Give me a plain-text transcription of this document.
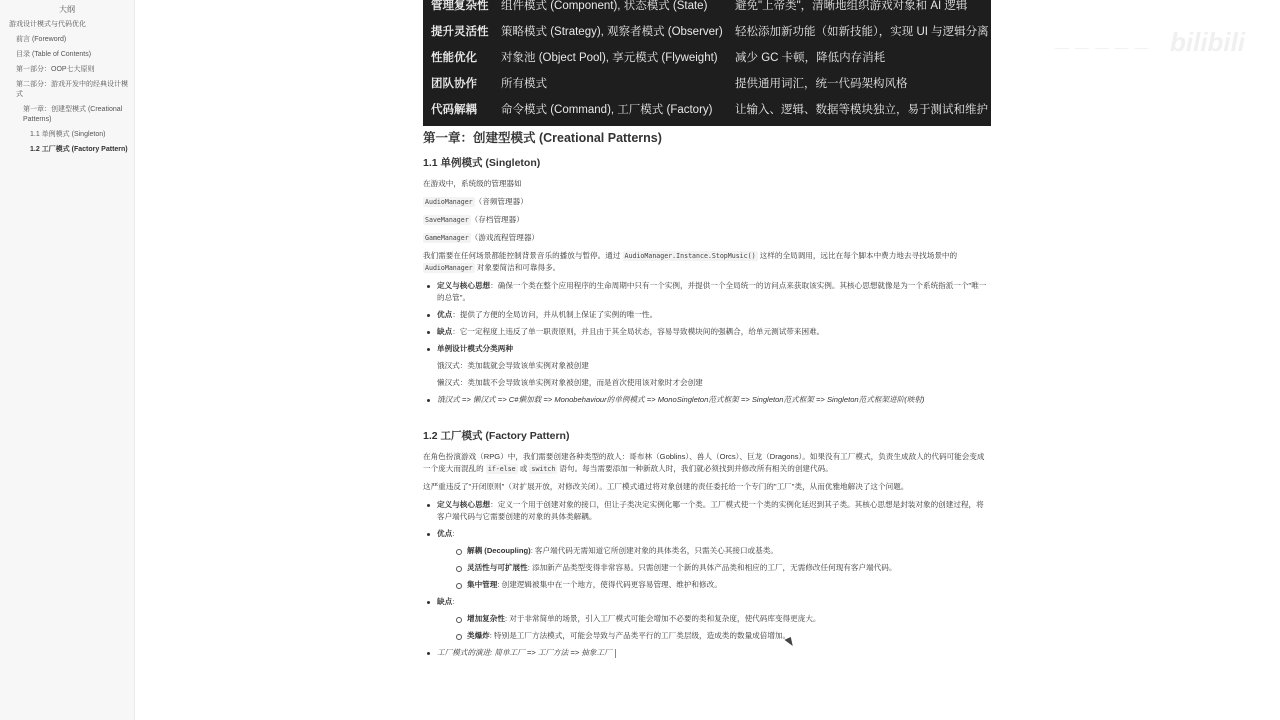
大纲
游戏设计模式与代码优化
前言 (Foreword)
目录 (Table of Contents)
第一部分：OOP七大原则
第二部分：游戏开发中的经典设计模式
第一章：创建型模式 (Creational Patterns)
1.1 单例模式 (Singleton)
1.2 工厂模式 (Factory Pattern)
管理复杂性	组件模式 (Component), 状态模式 (State)	避免"上帝类"，清晰地组织游戏对象和 AI 逻辑
提升灵活性	策略模式 (Strategy), 观察者模式 (Observer)	轻松添加新功能（如新技能），实现 UI 与逻辑分离
性能优化	对象池 (Object Pool), 享元模式 (Flyweight)	减少 GC 卡顿，降低内存消耗
团队协作	所有模式	提供通用词汇，统一代码架构风格
代码解耦	命令模式 (Command), 工厂模式 (Factory)	让输入、逻辑、数据等模块独立，易于测试和维护
第一章：创建型模式 (Creational Patterns)
1.1 单例模式 (Singleton)

在游戏中，系统级的管理器如

AudioManager （音频管理器）

SaveManager （存档管理器）

GameManager （游戏流程管理器）

我们需要在任何场景都能控制背景音乐的播放与暂停。通过 AudioManager.Instance.StopMusic() 这样的全局调用，远比在每个脚本中费力地去寻找场景中的 AudioManager 对象要简洁和可靠得多。

定义与核心思想：确保一个类在整个应用程序的生命周期中只有一个实例，并提供一个全局统一的访问点来获取该实例。其核心思想就像是为一个系统指派一个"唯一的总管"。
优点：提供了方便的全局访问，并从机制上保证了实例的唯一性。
缺点：它一定程度上违反了单一职责原则，并且由于其全局状态，容易导致模块间的强耦合，给单元测试带来困难。
单例设计模式分类两种
饿汉式：类加载就会导致该单实例对象被创建
懒汉式：类加载不会导致该单实例对象被创建，而是首次使用该对象时才会创建
饿汉式 => 懒汉式 => C#懒加载 => Monobehaviour的单例模式 => MonoSingleton范式框架 => Singleton范式框架 => Singleton范式框架进阶(映射)
1.2 工厂模式 (Factory Pattern)

在角色扮演游戏（RPG）中，我们需要创建各种类型的敌人：哥布林（Goblins）、兽人（Orcs）、巨龙（Dragons）。如果没有工厂模式，负责生成敌人的代码可能会变成一个庞大而混乱的 if-else 或 switch 语句。每当需要添加一种新敌人时，我们就必须找到并修改所有相关的创建代码。

这严重违反了"开闭原则"（对扩展开放，对修改关闭）。工厂模式通过将对象创建的责任委托给一个专门的"工厂"类，从而优雅地解决了这个问题。

定义与核心思想：定义一个用于创建对象的接口，但让子类决定实例化哪一个类。工厂模式使一个类的实例化延迟到其子类。其核心思想是封装对象的创建过程，将客户端代码与它需要创建的对象的具体类解耦。
优点:
解耦 (Decoupling): 客户端代码无需知道它所创建对象的具体类名，只需关心其接口或基类。
灵活性与可扩展性: 添加新产品类型变得非常容易。只需创建一个新的具体产品类和相应的工厂，无需修改任何现有客户端代码。
集中管理: 创建逻辑被集中在一个地方，使得代码更容易管理、维护和修改。
缺点:
增加复杂性: 对于非常简单的场景，引入工厂模式可能会增加不必要的类和复杂度，使代码库变得更庞大。
类爆炸: 特别是工厂方法模式，可能会导致与产品类平行的工厂类层级，造成类的数量成倍增加。
工厂模式的演进: 简单工厂 => 工厂方法 => 抽象工厂
— — — — — bilibili
